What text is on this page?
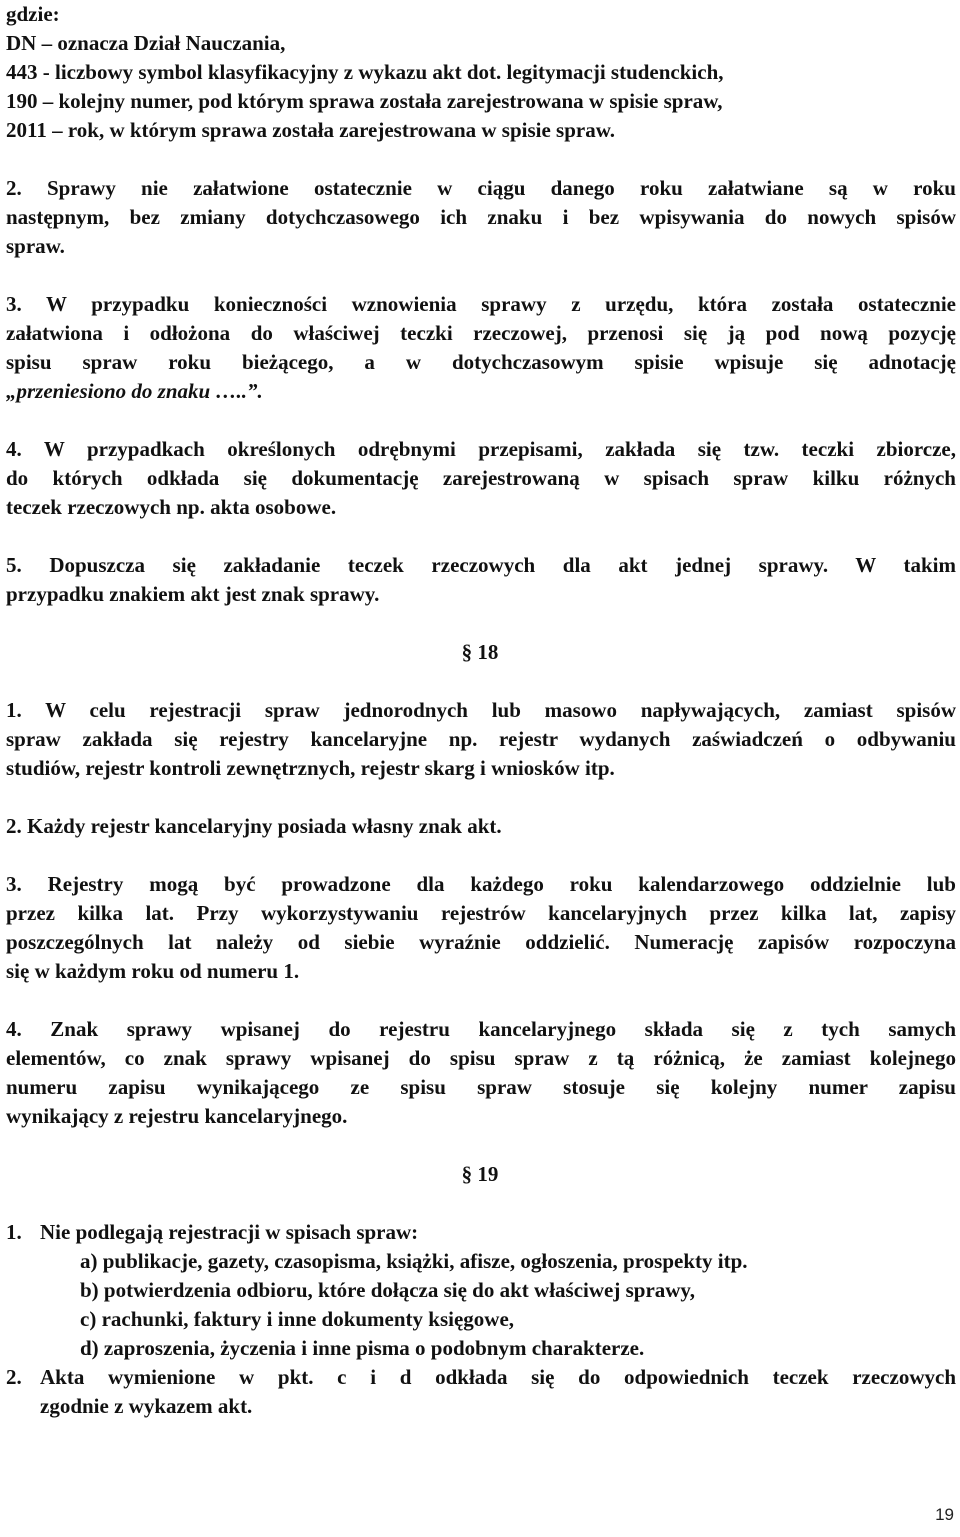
gdzie:
DN – oznacza Dział Nauczania,
443 - liczbowy symbol klasyfikacyjny z wykazu akt dot. legitymacji studenckich,
190 – kolejny numer, pod którym sprawa została zarejestrowana w spisie spraw,
2011 – rok, w którym sprawa została zarejestrowana w spisie spraw.
2. Sprawy nie załatwione ostatecznie w ciągu danego roku załatwiane są w roku
następnym, bez zmiany dotychczasowego ich znaku i bez wpisywania do nowych spisów
spraw.
3. W przypadku konieczności wznowienia sprawy z urzędu, która została ostatecznie
załatwiona i odłożona do właściwej teczki rzeczowej, przenosi się ją pod nową pozycję
spisu spraw roku bieżącego, a w dotychczasowym spisie wpisuje się adnotację
„przeniesiono do znaku …..”.
4. W przypadkach określonych odrębnymi przepisami, zakłada się tzw. teczki zbiorcze,
do których odkłada się dokumentację zarejestrowaną w spisach spraw kilku różnych
teczek rzeczowych np. akta osobowe.
5. Dopuszcza się zakładanie teczek rzeczowych dla akt jednej sprawy. W takim
przypadku znakiem akt jest znak sprawy.
§ 18
1. W celu rejestracji spraw jednorodnych lub masowo napływających, zamiast spisów
spraw zakłada się rejestry kancelaryjne np. rejestr wydanych zaświadczeń o odbywaniu
studiów, rejestr kontroli zewnętrznych, rejestr skarg i wniosków itp.
2. Każdy rejestr kancelaryjny posiada własny znak akt.
3. Rejestry mogą być prowadzone dla każdego roku kalendarzowego oddzielnie lub
przez kilka lat. Przy wykorzystywaniu rejestrów kancelaryjnych przez kilka lat, zapisy
poszczególnych lat należy od siebie wyraźnie oddzielić. Numerację zapisów rozpoczyna
się w każdym roku od numeru 1.
4. Znak sprawy wpisanej do rejestru kancelaryjnego składa się z tych samych
elementów, co znak sprawy wpisanej do spisu spraw z tą różnicą, że zamiast kolejnego
numeru zapisu wynikającego ze spisu spraw stosuje się kolejny numer zapisu
wynikający z rejestru kancelaryjnego.
§ 19
1. Nie podlegają rejestracji w spisach spraw:
a) publikacje, gazety, czasopisma, książki, afisze, ogłoszenia, prospekty itp.
b) potwierdzenia odbioru, które dołącza się do akt właściwej sprawy,
c) rachunki, faktury i inne dokumenty księgowe,
d) zaproszenia, życzenia i inne pisma o podobnym charakterze.
2. Akta wymienione w pkt. c i d odkłada się do odpowiednich teczek rzeczowych
zgodnie z wykazem akt.
19
